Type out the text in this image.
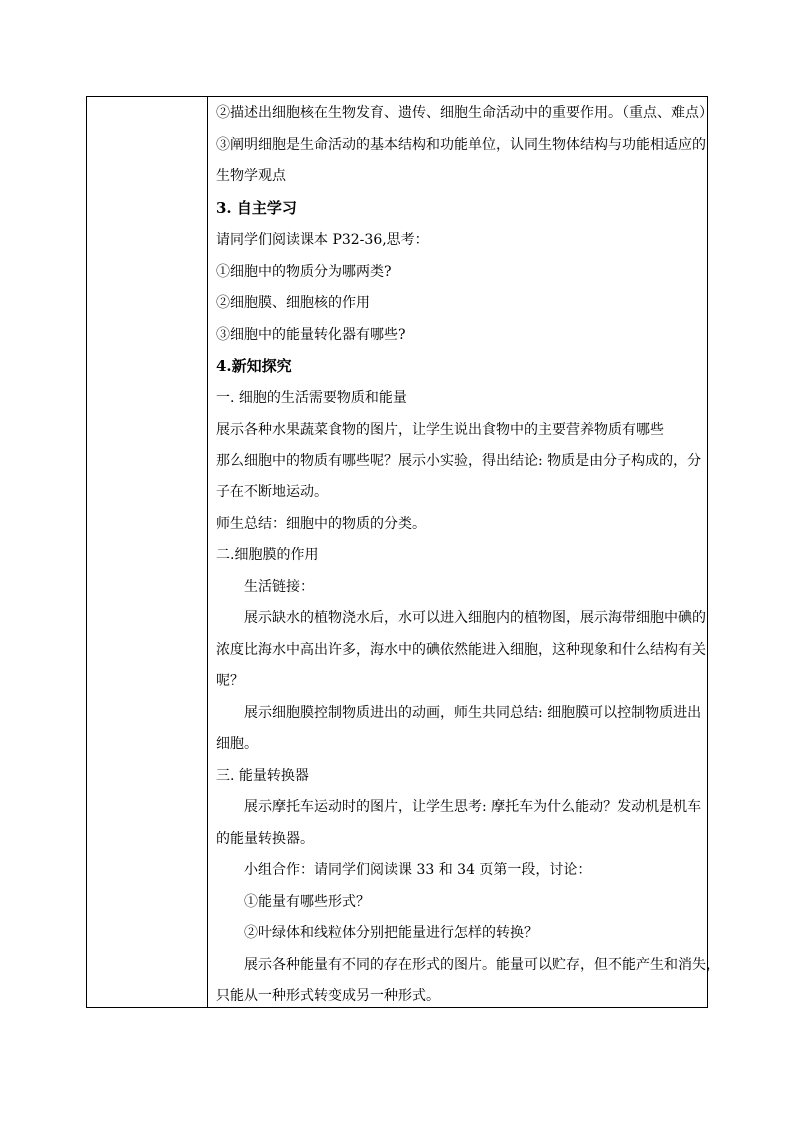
②描述出细胞核在生物发育、遗传、细胞生命活动中的重要作用。（重点、难点）
③阐明细胞是生命活动的基本结构和功能单位，认同生物体结构与功能相适应的
生物学观点
3. 自主学习
请同学们阅读课本 P32-36,思考：
①细胞中的物质分为哪两类?
②细胞膜、细胞核的作用
③细胞中的能量转化器有哪些?
4.新知探究
一. 细胞的生活需要物质和能量
展示各种水果蔬菜食物的图片，让学生说出食物中的主要营养物质有哪些
那么细胞中的物质有哪些呢？展示小实验，得出结论: 物质是由分子构成的，分
子在不断地运动。
师生总结：细胞中的物质的分类。
二.细胞膜的作用
生活链接：
展示缺水的植物浇水后，水可以进入细胞内的植物图，展示海带细胞中碘的
浓度比海水中高出许多，海水中的碘依然能进入细胞，这种现象和什么结构有关
呢？
展示细胞膜控制物质进出的动画，师生共同总结: 细胞膜可以控制物质进出
细胞。
三. 能量转换器
展示摩托车运动时的图片，让学生思考: 摩托车为什么能动？发动机是机车
的能量转换器。
小组合作：请同学们阅读课 33 和 34 页第一段，讨论：
①能量有哪些形式？
②叶绿体和线粒体分别把能量进行怎样的转换？
展示各种能量有不同的存在形式的图片。能量可以贮存，但不能产生和消失，
只能从一种形式转变成另一种形式。
